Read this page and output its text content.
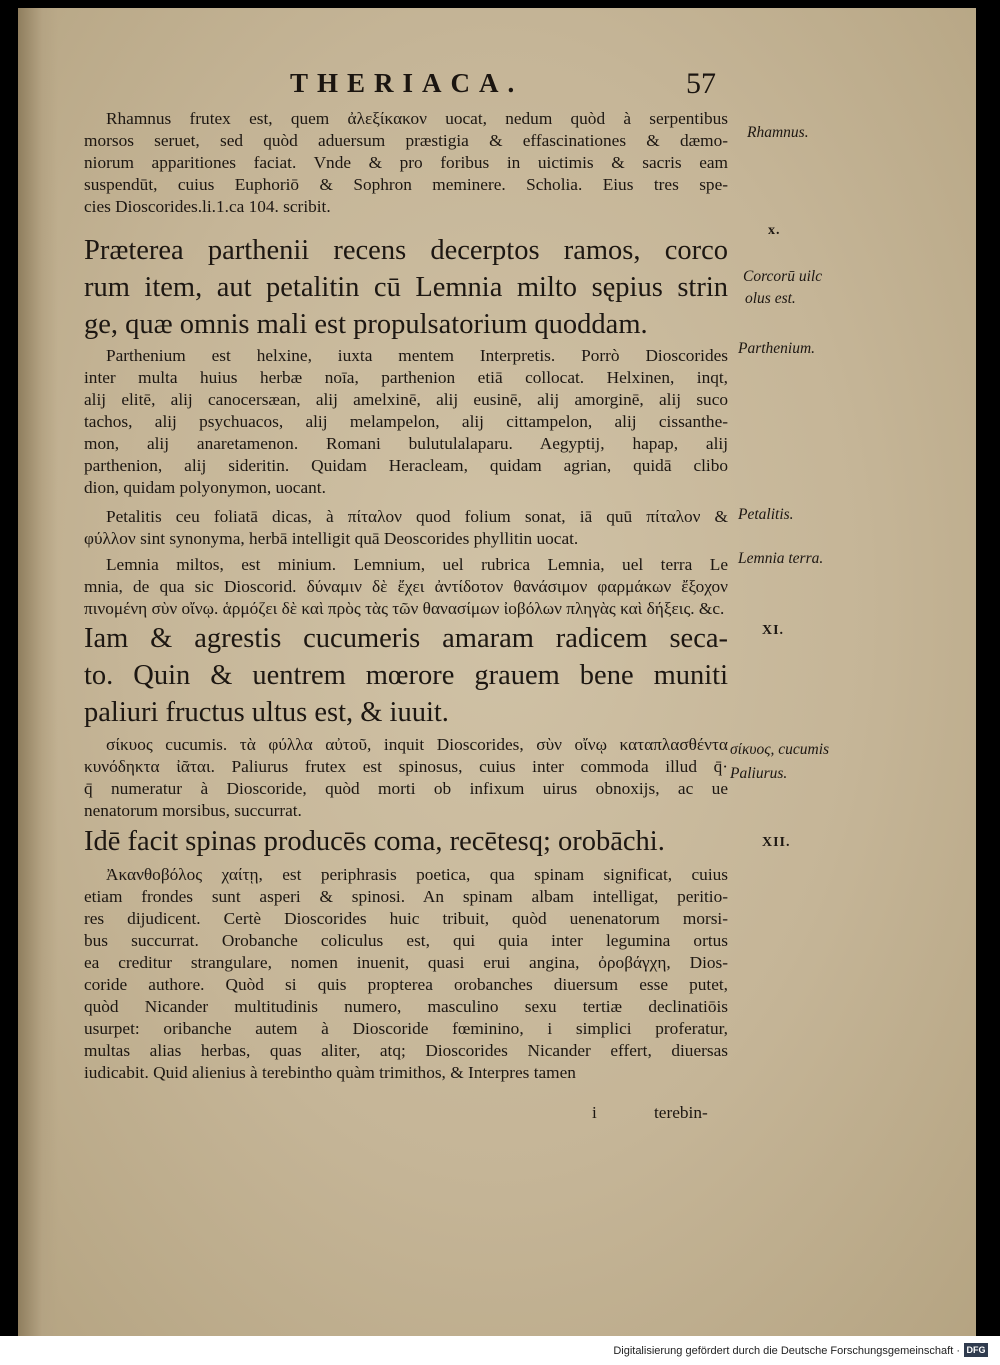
THERIACA.	57
Rhamnus frutex est, quem ἀλεξίκακον uocat, nedum quòd à serpentibus
morsos seruet, sed quòd aduersum præstigia & effascinationes & dæmo-
niorum apparitiones faciat. Vnde & pro foribus in uictimis & sacris eam
suspendūt, cuius Euphoriō & Sophron meminere. Scholia. Eius tres spe-
cies Dioscorides.li.1.ca 104. scribit.
Præterea parthenii recens decerptos ramos, corco
rum item, aut petalitin cū Lemnia milto sępius strin
ge, quæ omnis mali est propulsatorium quoddam.
Parthenium est helxine, iuxta mentem Interpretis. Porrò Dioscorides
inter multa huius herbæ noīa, parthenion etiā collocat. Helxinen, inqt,
alij elitē, alij canocersæan, alij amelxinē, alij eusinē, alij amorginē, alij suco
tachos, alij psychuacos, alij melampelon, alij cittampelon, alij cissanthe-
mon, alij anaretamenon. Romani bulutulalaparu. Aegyptij, hapap, alij
parthenion, alij sideritin. Quidam Heracleam, quidam agrian, quidā clibo
dion, quidam polyonymon, uocant.
Petalitis ceu foliatā dicas, à πίταλον quod folium sonat, iā quū πίταλον &
φύλλον sint synonyma, herbā intelligit quā Deoscorides phyllitin uocat.
Lemnia miltos, est minium. Lemnium, uel rubrica Lemnia, uel terra Le
mnia, de qua sic Dioscorid. δύναμιν δὲ ἔχει ἀντίδοτον θανάσιμον φαρμάκων ἔξοχον
πινομένη σὺν οἴνῳ. ἁρμόζει δὲ καὶ πρὸς τὰς τῶν θανασίμων ἰοβόλων πληγὰς καὶ δήξεις. &c.
Iam & agrestis cucumeris amaram radicem seca-
to. Quin & uentrem mœrore grauem bene muniti
paliuri fructus ultus est, & iuuit.
σίκυος cucumis. τὰ φύλλα αὐτοῦ, inquit Dioscorides, σὺν οἴνῳ καταπλασθέντα
κυνόδηκτα ἰᾶται. Paliurus frutex est spinosus, cuius inter commoda illud q̄·
q̄ numeratur à Dioscoride, quòd morti ob infixum uirus obnoxijs, ac ue
nenatorum morsibus, succurrat.
Idē facit spinas producēs coma, recētesq; orobāchi.
Ἀκανθοβόλος χαίτῃ, est periphrasis poetica, qua spinam significat, cuius
etiam frondes sunt asperi & spinosi. An spinam albam intelligat, peritio-
res dijudicent. Certè Dioscorides huic tribuit, quòd uenenatorum morsi-
bus succurrat. Orobanche coliculus est, qui quia inter legumina ortus
ea creditur strangulare, nomen inuenit, quasi erui angina, ὀροβάγχη, Dios-
coride authore. Quòd si quis propterea orobanches diuersum esse putet,
quòd Nicander multitudinis numero, masculino sexu tertiæ declinatiōis
usurpet: oribanche autem à Dioscoride fœminino, i simplici proferatur,
multas alias herbas, quas aliter, atq; Dioscorides Nicander effert, diuersas
iudicabit. Quid alienius à terebintho quàm trimithos, & Interpres tamen
Rhamnus.
x.
Corcorū uilc
olus est.
Parthenium.
Petalitis.
Lemnia terra.
XI.
σίκυος, cucumis
Paliurus.
XII.
i	terebin-
Digitalisierung gefördert durch die Deutsche Forschungsgemeinschaft · DFG
